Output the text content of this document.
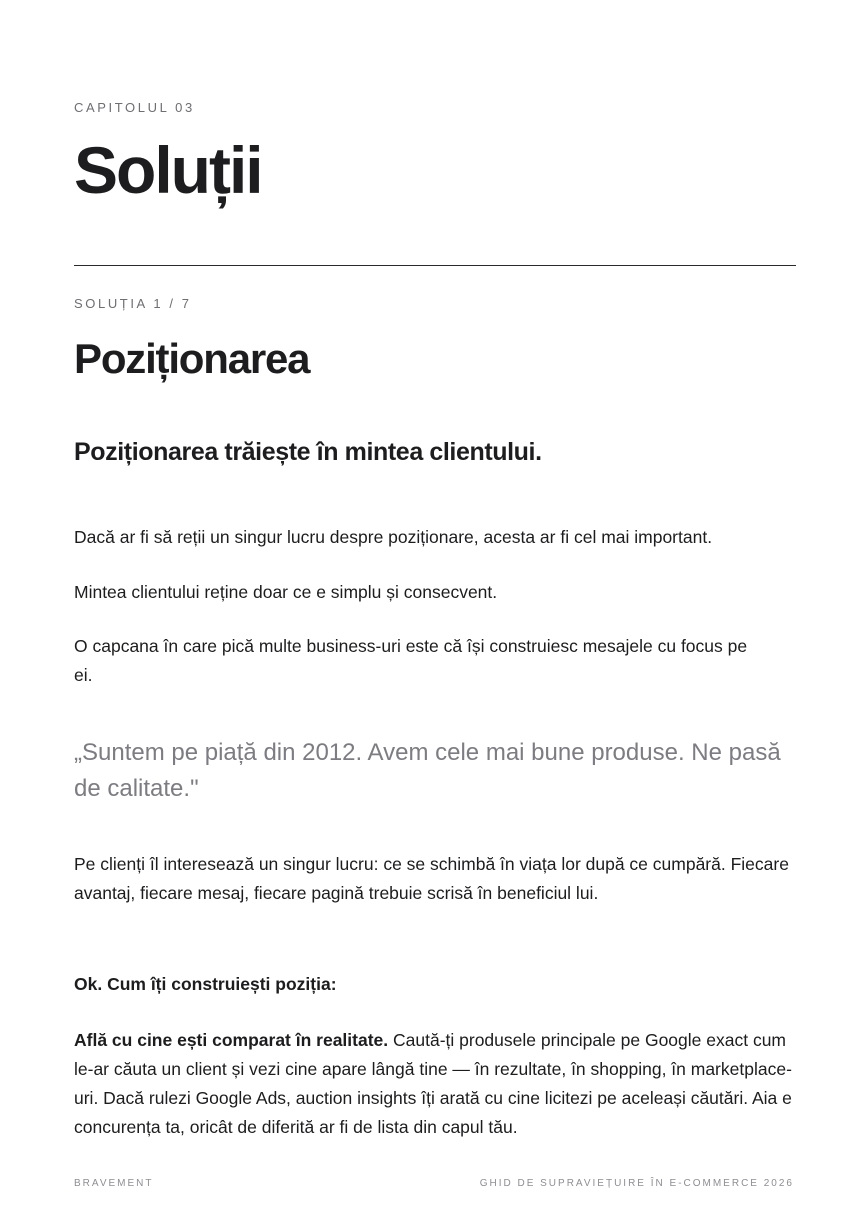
CAPITOLUL 03
Soluții
SOLUȚIA 1 / 7
Poziționarea
Poziționarea trăiește în mintea clientului.

Dacă ar fi să reții un singur lucru despre poziționare, acesta ar fi cel mai important.

Mintea clientului reține doar ce e simplu și consecvent.

O capcana în care pică multe business-uri este că își construiesc mesajele cu focus pe ei.

„Suntem pe piață din 2012. Avem cele mai bune produse. Ne pasă de calitate."

Pe clienți îl interesează un singur lucru: ce se schimbă în viața lor după ce cumpără. Fiecare avantaj, fiecare mesaj, fiecare pagină trebuie scrisă în beneficiul lui.

Ok. Cum îți construiești poziția:

Află cu cine ești comparat în realitate. Caută-ți produsele principale pe Google exact cum le-ar căuta un client și vezi cine apare lângă tine — în rezultate, în shopping, în marketplace-uri. Dacă rulezi Google Ads, auction insights îți arată cu cine licitezi pe aceleași căutări. Aia e concurența ta, oricât de diferită ar fi de lista din capul tău.

BRAVEMENT	GHID DE SUPRAVIEȚUIRE ÎN E-COMMERCE 2026
